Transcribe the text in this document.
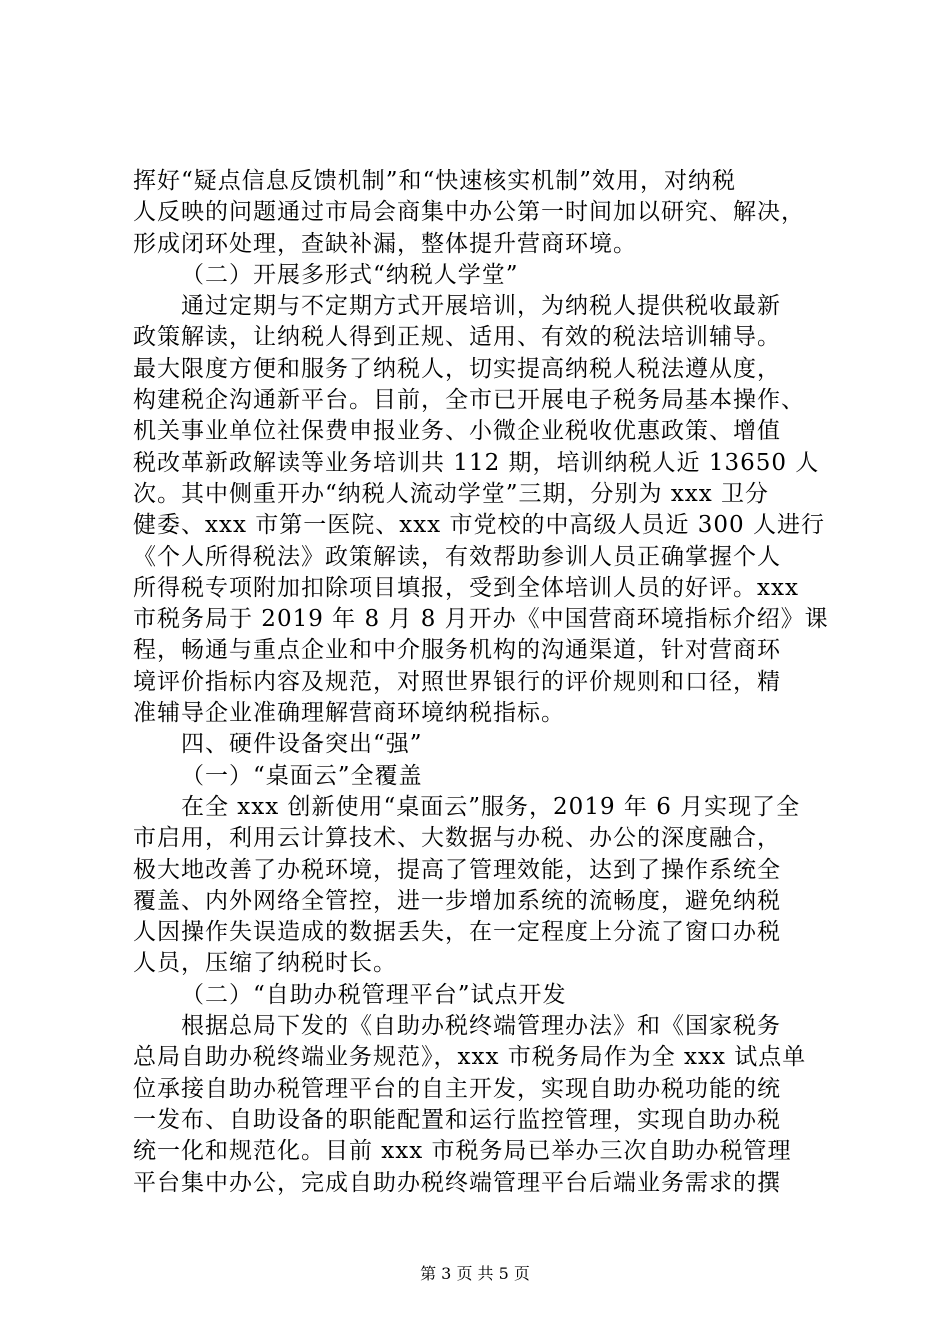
挥好“疑点信息反馈机制”和“快速核实机制”效用，对纳税
人反映的问题通过市局会商集中办公第一时间加以研究、解决，
形成闭环处理，查缺补漏，整体提升营商环境。
（二）开展多形式“纳税人学堂”
通过定期与不定期方式开展培训，为纳税人提供税收最新
政策解读，让纳税人得到正规、适用、有效的税法培训辅导。
最大限度方便和服务了纳税人，切实提高纳税人税法遵从度，
构建税企沟通新平台。目前，全市已开展电子税务局基本操作、
机关事业单位社保费申报业务、小微企业税收优惠政策、增值
税改革新政解读等业务培训共 112 期，培训纳税人近 13650 人
次。其中侧重开办“纳税人流动学堂”三期，分别为 xxx 卫分
健委、xxx 市第一医院、xxx 市党校的中高级人员近 300 人进行
《个人所得税法》政策解读，有效帮助参训人员正确掌握个人
所得税专项附加扣除项目填报，受到全体培训人员的好评。xxx
市税务局于 2019 年 8 月 8 月开办《中国营商环境指标介绍》课
程，畅通与重点企业和中介服务机构的沟通渠道，针对营商环
境评价指标内容及规范，对照世界银行的评价规则和口径，精
准辅导企业准确理解营商环境纳税指标。
四、硬件设备突出“强”
（一）“桌面云”全覆盖
在全 xxx 创新使用“桌面云”服务，2019 年 6 月实现了全
市启用，利用云计算技术、大数据与办税、办公的深度融合，
极大地改善了办税环境，提高了管理效能，达到了操作系统全
覆盖、内外网络全管控，进一步增加系统的流畅度，避免纳税
人因操作失误造成的数据丢失，在一定程度上分流了窗口办税
人员，压缩了纳税时长。
（二）“自助办税管理平台”试点开发
根据总局下发的《自助办税终端管理办法》和《国家税务
总局自助办税终端业务规范》，xxx 市税务局作为全 xxx 试点单
位承接自助办税管理平台的自主开发，实现自助办税功能的统
一发布、自助设备的职能配置和运行监控管理，实现自助办税
统一化和规范化。目前 xxx 市税务局已举办三次自助办税管理
平台集中办公，完成自助办税终端管理平台后端业务需求的撰
第 3 页 共 5 页
